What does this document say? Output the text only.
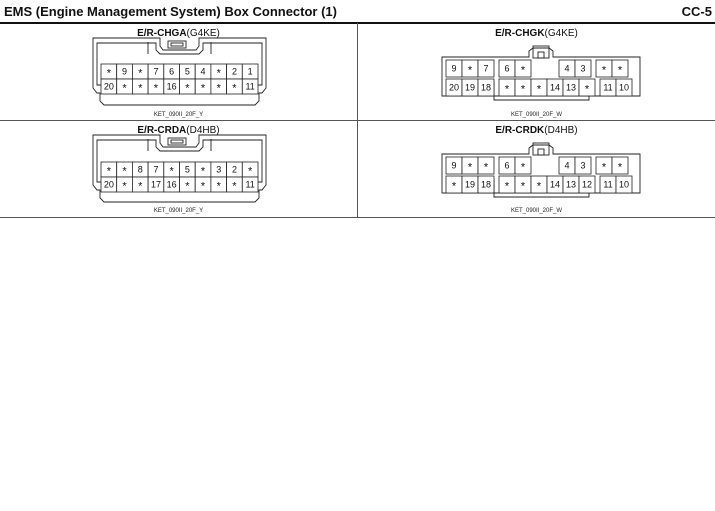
EMS (Engine Management System) Box Connector (1)	CC-5
E/R-CHGA(G4KE)
* 9 * 7 6 5 4 * 2 1
20 * * * 16 * * * * 11
KET_090II_20F_Y
E/R-CHGK(G4KE)
9 * 7 6 *	4 3 * *
20 19 18 * * * 14 13 * 11 10
KET_090II_20F_W
E/R-CRDA(D4HB)
* * 8 7 * 5 * 3 2 *
20 * * 17 16 * * * * 11
KET_090II_20F_Y
E/R-CRDK(D4HB)
9 * * 6 *	4 3 * *
* 19 18 * * * 14 13 12 11 10
KET_090II_20F_W
